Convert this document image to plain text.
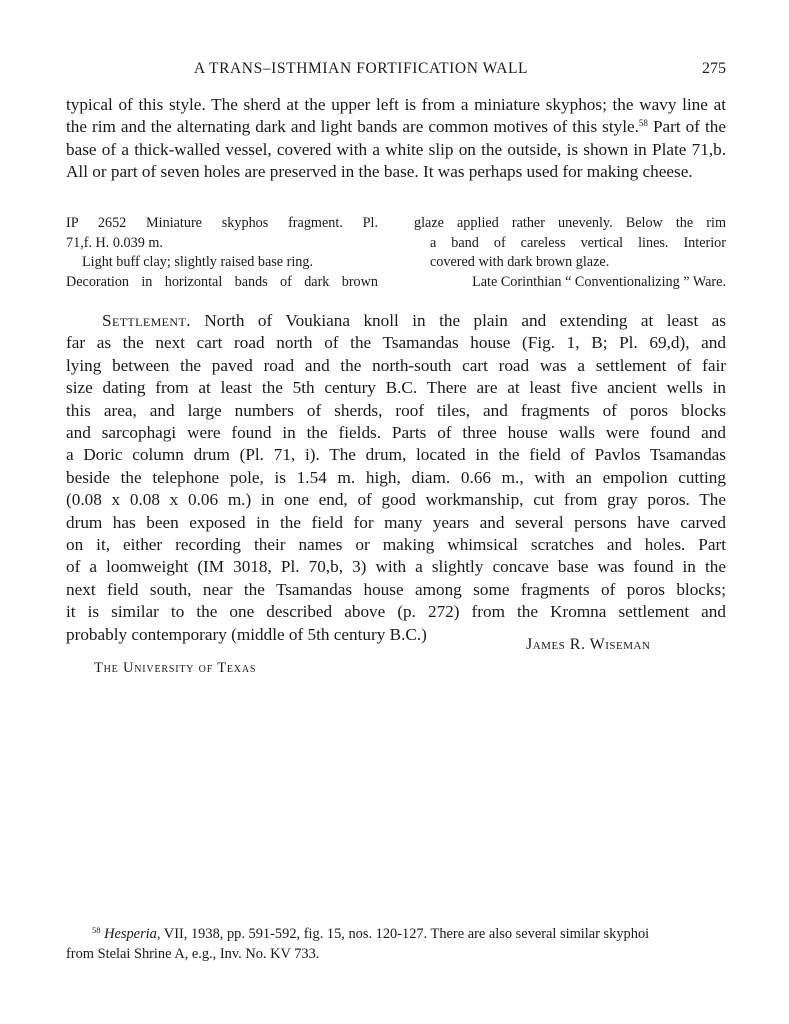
A TRANS–ISTHMIAN FORTIFICATION WALL	275

typical of this style. The sherd at the upper left is from a miniature skyphos; the wavy line at the rim and the alternating dark and light bands are common motives of this style.$^{58}$ Part of the base of a thick-walled vessel, covered with a white slip on the outside, is shown in Plate 71,b. All or part of seven holes are preserved in the base. It was perhaps used for making cheese.

IP 2652 Miniature skyphos fragment. Pl.
71,f. H. 0.039 m.
Light buff clay; slightly raised base ring.
Decoration in horizontal bands of dark brown
glaze applied rather unevenly. Below the rim
a band of careless vertical lines. Interior
covered with dark brown glaze.
Late Corinthian “ Conventionalizing ” Ware.
Settlement. North of Voukiana knoll in the plain and extending at least as
far as the next cart road north of the Tsamandas house (Fig. 1, B; Pl. 69,d), and
lying between the paved road and the north-south cart road was a settlement of fair
size dating from at least the 5th century B.C. There are at least five ancient wells in
this area, and large numbers of sherds, roof tiles, and fragments of poros blocks
and sarcophagi were found in the fields. Parts of three house walls were found and
a Doric column drum (Pl. 71, i). The drum, located in the field of Pavlos Tsamandas
beside the telephone pole, is 1.54 m. high, diam. 0.66 m., with an empolion cutting
(0.08 x 0.08 x 0.06 m.) in one end, of good workmanship, cut from gray poros. The
drum has been exposed in the field for many years and several persons have carved
on it, either recording their names or making whimsical scratches and holes. Part
of a loomweight (IM 3018, Pl. 70,b, 3) with a slightly concave base was found in the
next field south, near the Tsamandas house among some fragments of poros blocks;
it is similar to the one described above (p. 272) from the Kromna settlement and
probably contemporary (middle of 5th century B.C.)
James R. Wiseman
The University of Texas

$^{58}$ Hesperia, VII, 1938, pp. 591-592, fig. 15, nos. 120-127. There are also several similar skyphoi
from Stelai Shrine A, e.g., Inv. No. KV 733.
